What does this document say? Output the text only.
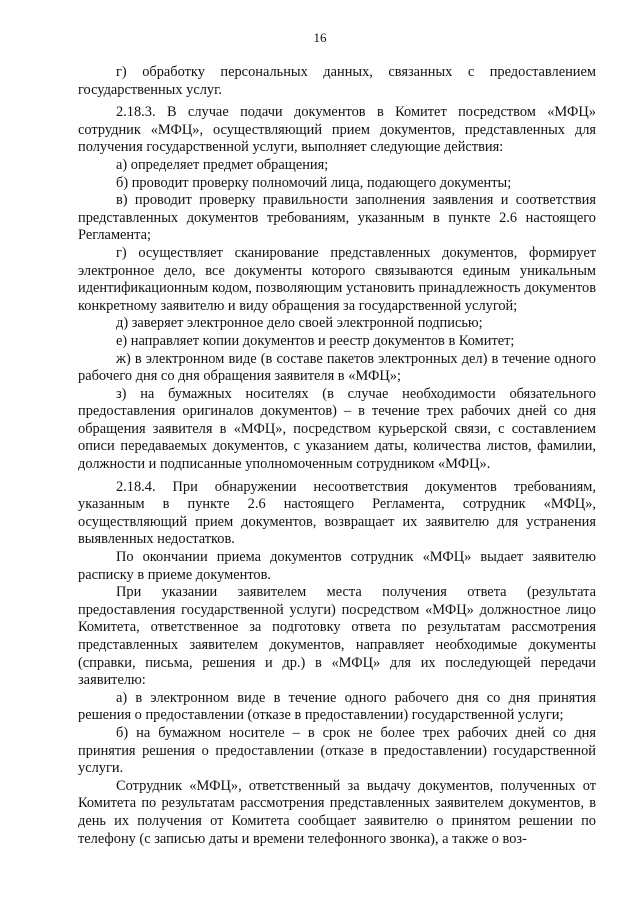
16

г) обработку персональных данных, связанных с предоставлением государственных услуг.

2.18.3. В случае подачи документов в Комитет посредством «МФЦ» сотрудник «МФЦ», осуществляющий прием документов, представленных для получения государственной услуги, выполняет следующие действия:

а) определяет предмет обращения;

б) проводит проверку полномочий лица, подающего документы;

в) проводит проверку правильности заполнения заявления и соответствия представленных документов требованиям, указанным в пункте 2.6 настоящего Регламента;

г) осуществляет сканирование представленных документов, формирует электронное дело, все документы которого связываются единым уникальным идентификационным кодом, позволяющим установить принадлежность документов конкретному заявителю и виду обращения за государственной услугой;

д) заверяет электронное дело своей электронной подписью;

е) направляет копии документов и реестр документов в Комитет;

ж) в электронном виде (в составе пакетов электронных дел) в течение одного рабочего дня со дня обращения заявителя в «МФЦ»;

з) на бумажных носителях (в случае необходимости обязательного предоставления оригиналов документов) – в течение трех рабочих дней со дня обращения заявителя в «МФЦ», посредством курьерской связи, с составлением описи передаваемых документов, с указанием даты, количества листов, фамилии, должности и подписанные уполномоченным сотрудником «МФЦ».

2.18.4. При обнаружении несоответствия документов требованиям, указанным в пункте 2.6 настоящего Регламента, сотрудник «МФЦ», осуществляющий прием документов, возвращает их заявителю для устранения выявленных недостатков.

По окончании приема документов сотрудник «МФЦ» выдает заявителю расписку в приеме документов.

При указании заявителем места получения ответа (результата предоставления государственной услуги) посредством «МФЦ» должностное лицо Комитета, ответственное за подготовку ответа по результатам рассмотрения представленных заявителем документов, направляет необходимые документы (справки, письма, решения и др.) в «МФЦ» для их последующей передачи заявителю:

а) в электронном виде в течение одного рабочего дня со дня принятия решения о предоставлении (отказе в предоставлении) государственной услуги;

б) на бумажном носителе – в срок не более трех рабочих дней со дня принятия решения о предоставлении (отказе в предоставлении) государственной услуги.

Сотрудник «МФЦ», ответственный за выдачу документов, полученных от Комитета по результатам рассмотрения представленных заявителем документов, в день их получения от Комитета сообщает заявителю о принятом решении по телефону (с записью даты и времени телефонного звонка), а также о воз-
